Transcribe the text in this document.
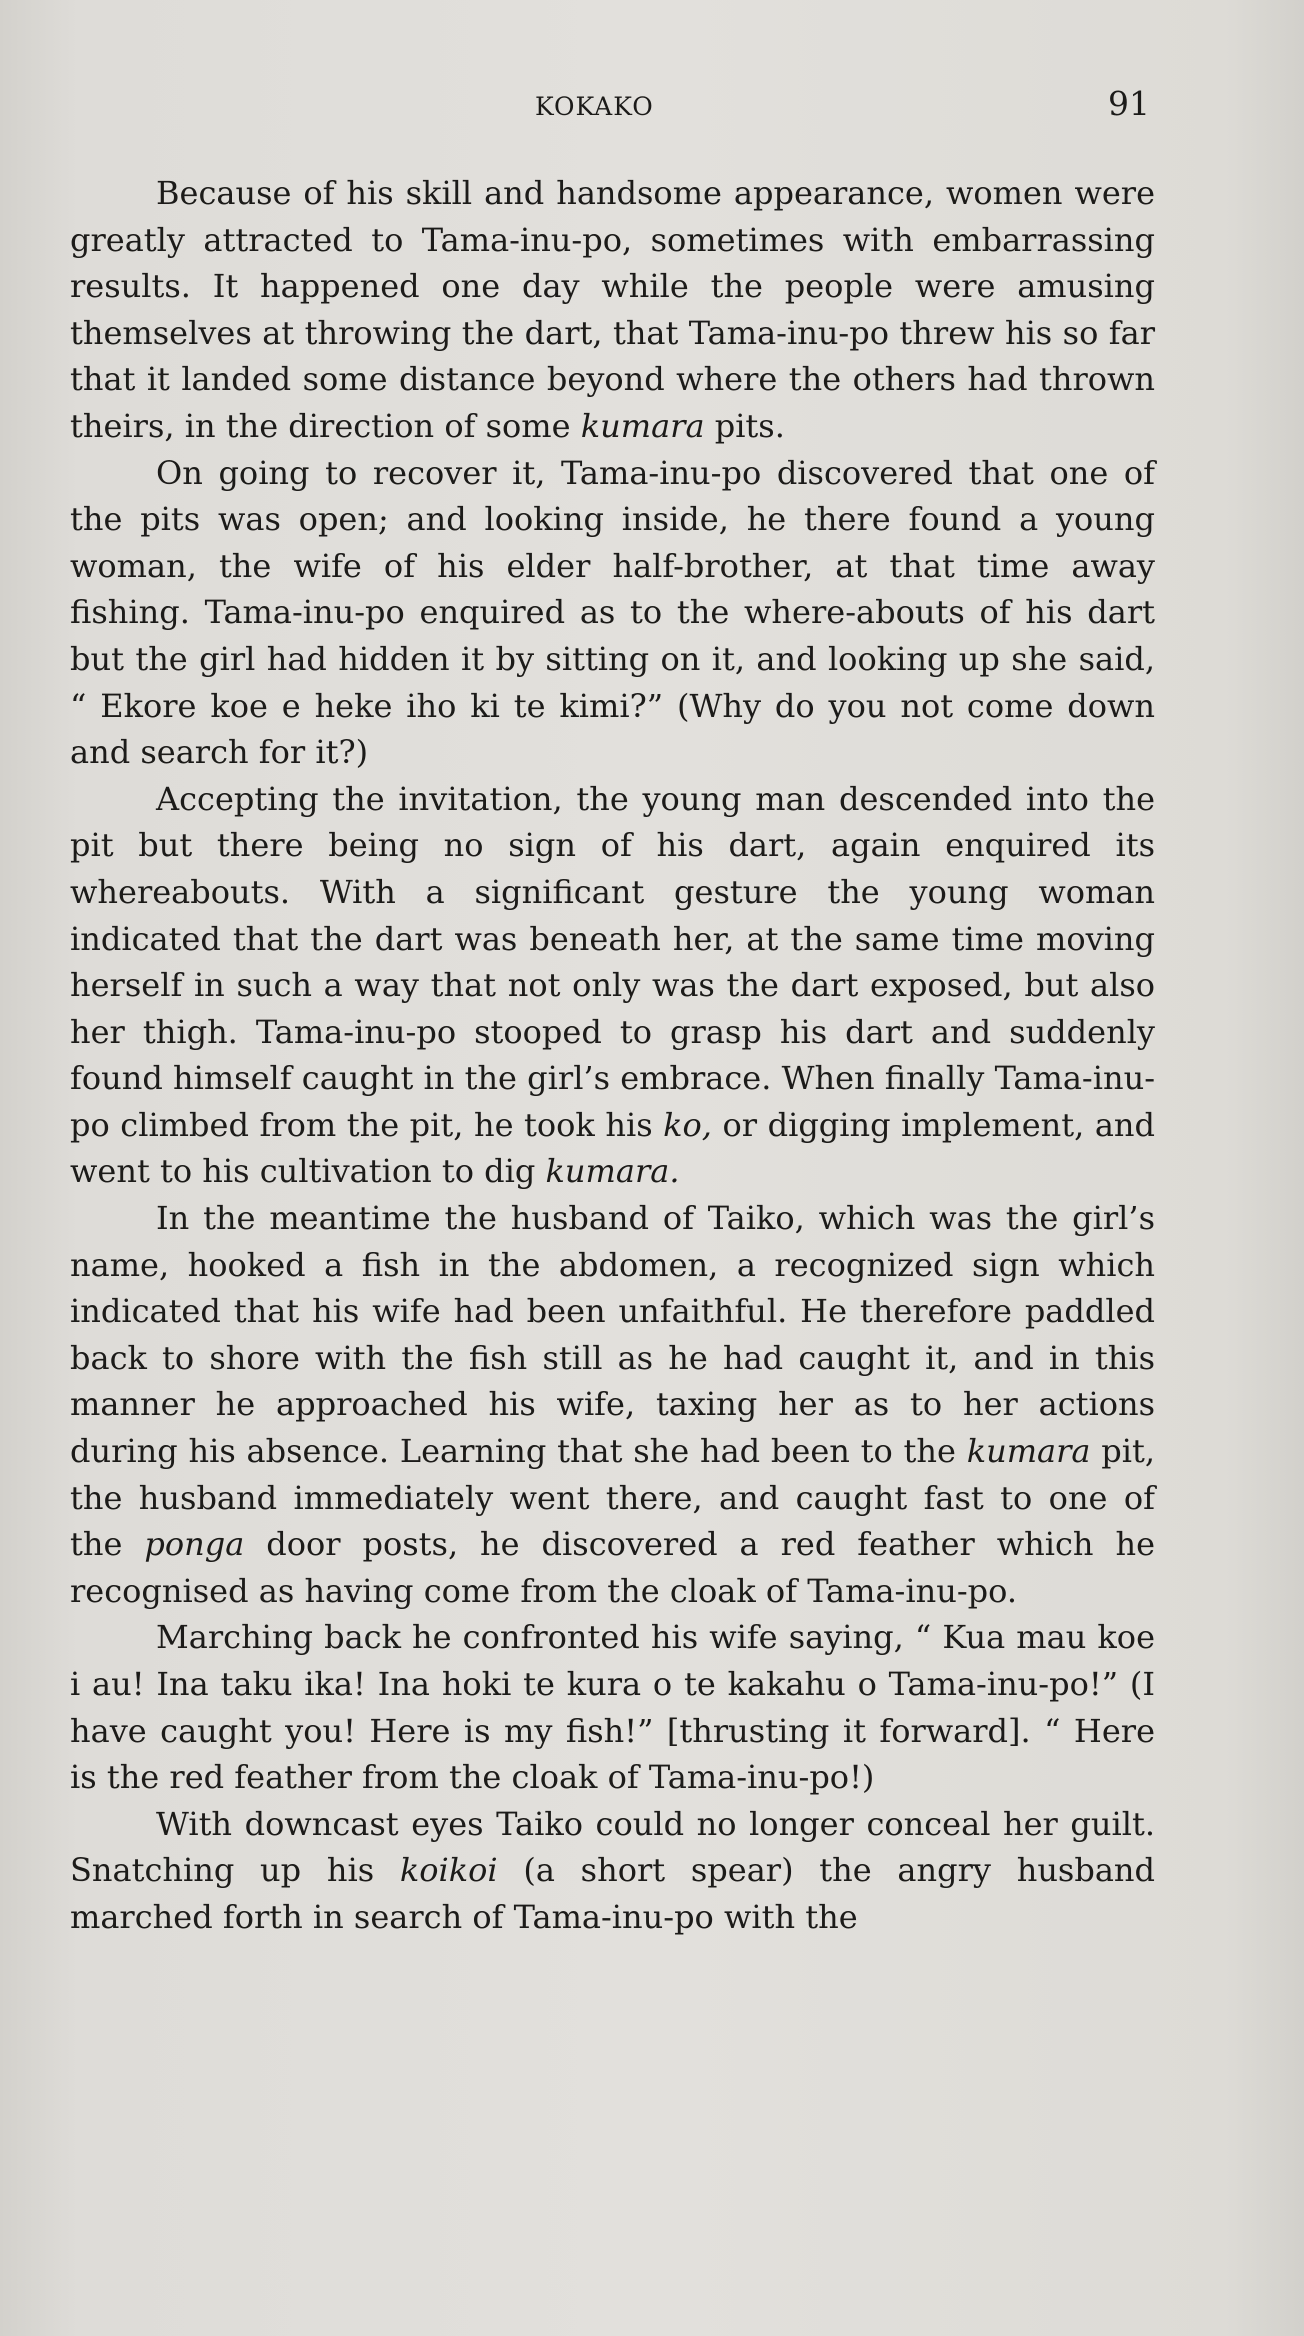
KOKAKO	91

Because of his skill and handsome appearance, women were greatly attracted to Tama-inu-po, sometimes with embarrassing results. It happened one day while the people were amusing themselves at throwing the dart, that Tama-inu-po threw his so far that it landed some distance beyond where the others had thrown theirs, in the direction of some kumara pits.

On going to recover it, Tama-inu-po discovered that one of the pits was open; and looking inside, he there found a young woman, the wife of his elder half-brother, at that time away fishing. Tama-inu-po enquired as to the where-abouts of his dart but the girl had hidden it by sitting on it, and looking up she said, “ Ekore koe e heke iho ki te kimi?” (Why do you not come down and search for it?)

Accepting the invitation, the young man descended into the pit but there being no sign of his dart, again enquired its whereabouts. With a significant gesture the young woman indicated that the dart was beneath her, at the same time moving herself in such a way that not only was the dart exposed, but also her thigh. Tama-inu-po stooped to grasp his dart and suddenly found himself caught in the girl’s embrace. When finally Tama-inu-po climbed from the pit, he took his ko, or digging implement, and went to his cultivation to dig kumara.

In the meantime the husband of Taiko, which was the girl’s name, hooked a fish in the abdomen, a recognized sign which indicated that his wife had been unfaithful. He therefore paddled back to shore with the fish still as he had caught it, and in this manner he approached his wife, taxing her as to her actions during his absence. Learning that she had been to the kumara pit, the husband immediately went there, and caught fast to one of the ponga door posts, he discovered a red feather which he recognised as having come from the cloak of Tama-inu-po.

Marching back he confronted his wife saying, “ Kua mau koe i au! Ina taku ika! Ina hoki te kura o te kakahu o Tama-inu-po!” (I have caught you! Here is my fish!” [thrusting it forward]. “ Here is the red feather from the cloak of Tama-inu-po!)

With downcast eyes Taiko could no longer conceal her guilt. Snatching up his koikoi (a short spear) the angry husband marched forth in search of Tama-inu-po with the
